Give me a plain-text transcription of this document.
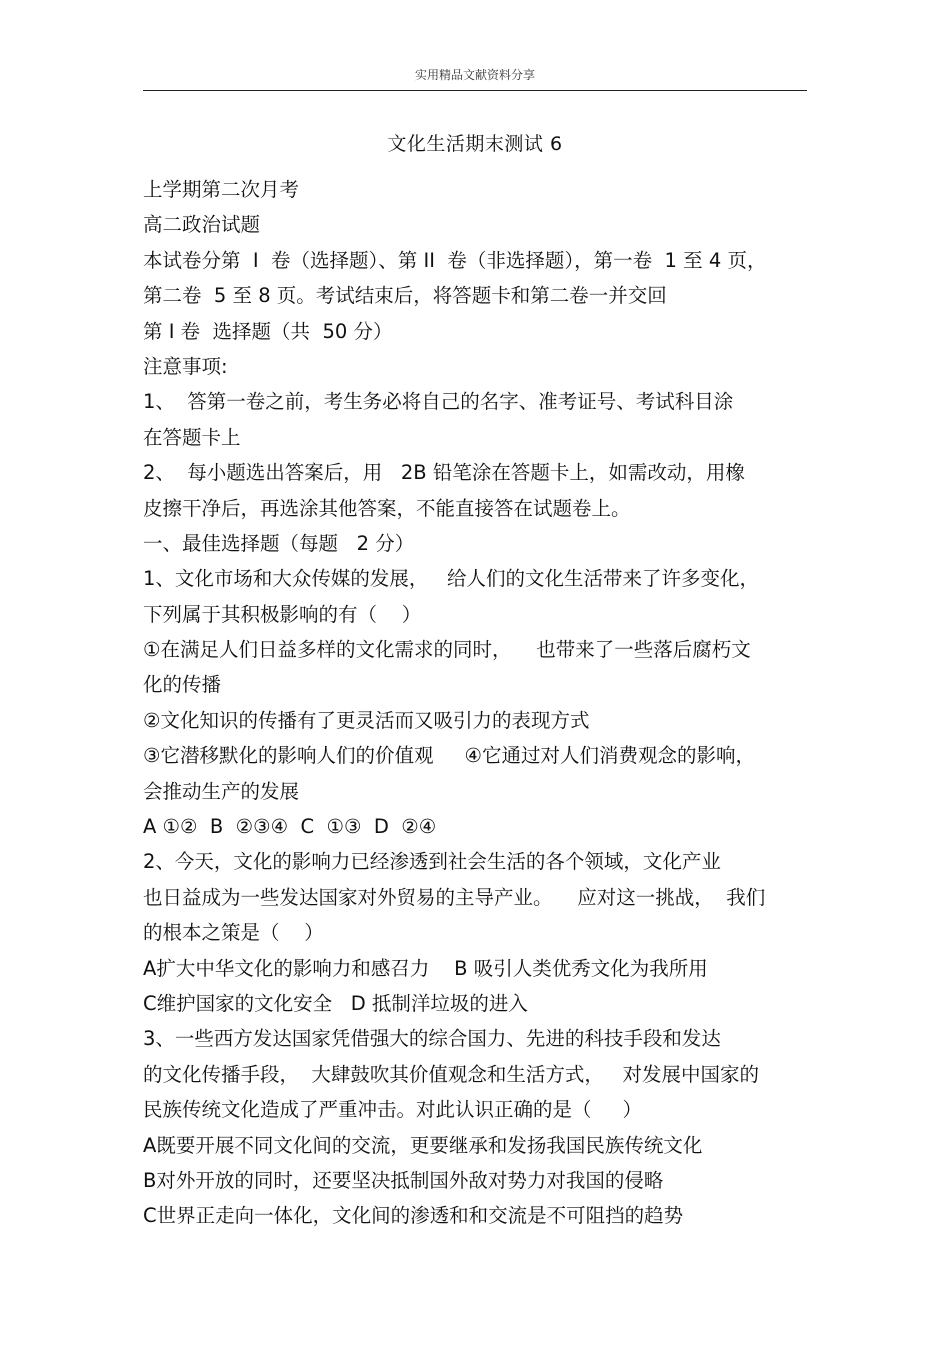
实用精品文献资料分享
文化生活期末测试 6
上学期第二次月考
高二政治试题
本试卷分第  I  卷（选择题）、第 II  卷（非选择题），第一卷  1 至 4 页，
第二卷  5 至 8 页。考试结束后，将答题卡和第二卷一并交回
第 I 卷  选择题（共  50 分）
注意事项:
1、  答第一卷之前，考生务必将自己的名字、准考证号、考试科目涂
在答题卡上
2、  每小题选出答案后，用   2B 铅笔涂在答题卡上，如需改动，用橡
皮擦干净后，再选涂其他答案，不能直接答在试题卷上。
一、最佳选择题（每题   2 分）
1、文化市场和大众传媒的发展，   给人们的文化生活带来了许多变化，
下列属于其积极影响的有（    ）
①在满足人们日益多样的文化需求的同时，    也带来了一些落后腐朽文
化的传播
②文化知识的传播有了更灵活而又吸引力的表现方式
③它潜移默化的影响人们的价值观     ④它通过对人们消费观念的影响，
会推动生产的发展
A ①②  B  ②③④  C  ①③  D  ②④
2、今天，文化的影响力已经渗透到社会生活的各个领域，文化产业
也日益成为一些发达国家对外贸易的主导产业。    应对这一挑战，  我们
的根本之策是（    ）
A扩大中华文化的影响力和感召力    B 吸引人类优秀文化为我所用
C维护国家的文化安全   D 抵制洋垃圾的进入
3、一些西方发达国家凭借强大的综合国力、先进的科技手段和发达
的文化传播手段，  大肆鼓吹其价值观念和生活方式，   对发展中国家的
民族传统文化造成了严重冲击。对此认识正确的是（     ）
A既要开展不同文化间的交流，更要继承和发扬我国民族传统文化
B对外开放的同时，还要坚决抵制国外敌对势力对我国的侵略
C世界正走向一体化，文化间的渗透和和交流是不可阻挡的趋势
